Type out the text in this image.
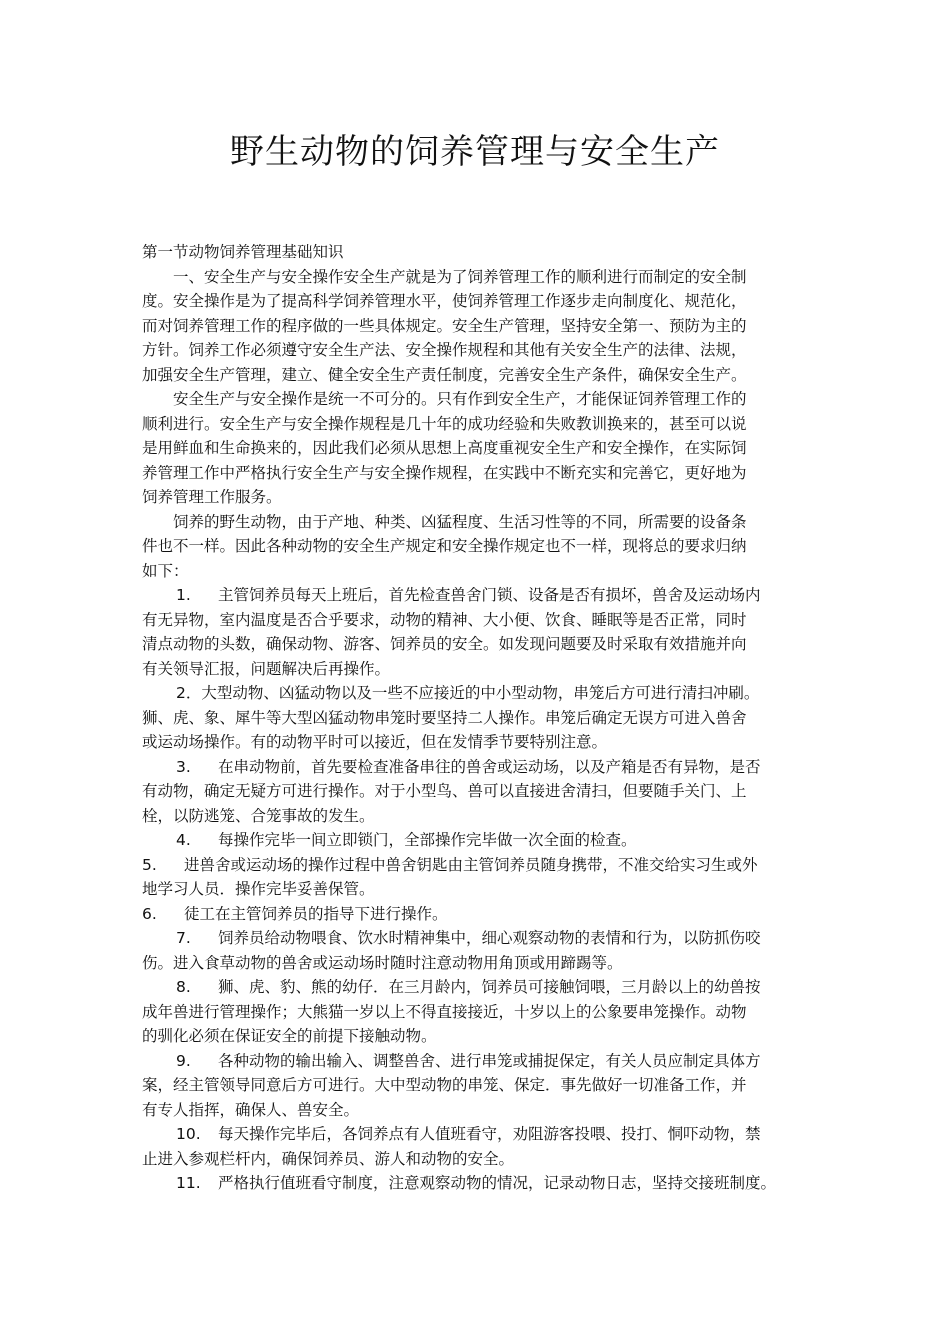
野生动物的饲养管理与安全生产
第一节动物饲养管理基础知识
一、安全生产与安全操作安全生产就是为了饲养管理工作的顺利进行而制定的安全制
度。安全操作是为了提高科学饲养管理水平，使饲养管理工作逐步走向制度化、规范化，
而对饲养管理工作的程序做的一些具体规定。安全生产管理，坚持安全第一、预防为主的
方针。饲养工作必须遵守安全生产法、安全操作规程和其他有关安全生产的法律、法规，
加强安全生产管理，建立、健全安全生产责任制度，完善安全生产条件，确保安全生产。
安全生产与安全操作是统一不可分的。只有作到安全生产，才能保证饲养管理工作的
顺利进行。安全生产与安全操作规程是几十年的成功经验和失败教训换来的，甚至可以说
是用鲜血和生命换来的，因此我们必须从思想上高度重视安全生产和安全操作，在实际饲
养管理工作中严格执行安全生产与安全操作规程，在实践中不断充实和完善它，更好地为
饲养管理工作服务。
饲养的野生动物，由于产地、种类、凶猛程度、生活习性等的不同，所需要的设备条
件也不一样。因此各种动物的安全生产规定和安全操作规定也不一样，现将总的要求归纳
如下：
1. 主管饲养员每天上班后，首先检查兽舍门锁、设备是否有损坏，兽舍及运动场内
有无异物，室内温度是否合乎要求，动物的精神、大小便、饮食、睡眠等是否正常，同时
清点动物的头数，确保动物、游客、饲养员的安全。如发现问题要及时采取有效措施并向
有关领导汇报，问题解决后再操作。
2．大型动物、凶猛动物以及一些不应接近的中小型动物，串笼后方可进行清扫冲刷。
狮、虎、象、犀牛等大型凶猛动物串笼时要坚持二人操作。串笼后确定无误方可进入兽舍
或运动场操作。有的动物平时可以接近，但在发情季节要特别注意。
3. 在串动物前，首先要检查准备串往的兽舍或运动场，以及产箱是否有异物，是否
有动物，确定无疑方可进行操作。对于小型鸟、兽可以直接进舍清扫，但要随手关门、上
栓，以防逃笼、合笼事故的发生。
4. 每操作完毕一间立即锁门，全部操作完毕做一次全面的检查。
5. 进兽舍或运动场的操作过程中兽舍钥匙由主管饲养员随身携带，不准交给实习生或外
地学习人员．操作完毕妥善保管。
6. 徒工在主管饲养员的指导下进行操作。
7. 饲养员给动物喂食、饮水时精神集中，细心观察动物的表情和行为，以防抓伤咬
伤。进入食草动物的兽舍或运动场时随时注意动物用角顶或用蹄踢等。
8. 狮、虎、豹、熊的幼仔．在三月龄内，饲养员可接触饲喂，三月龄以上的幼兽按
成年兽进行管理操作；大熊猫一岁以上不得直接接近，十岁以上的公象要串笼操作。动物
的驯化必须在保证安全的前提下接触动物。
9. 各种动物的输出输入、调整兽舍、进行串笼或捕捉保定，有关人员应制定具体方
案，经主管领导同意后方可进行。大中型动物的串笼、保定．事先做好一切准备工作，并
有专人指挥，确保人、兽安全。
10. 每天操作完毕后，各饲养点有人值班看守，劝阻游客投喂、投打、恫吓动物，禁
止进入参观栏杆内，确保饲养员、游人和动物的安全。
11. 严格执行值班看守制度，注意观察动物的情况，记录动物日志，坚持交接班制度。
